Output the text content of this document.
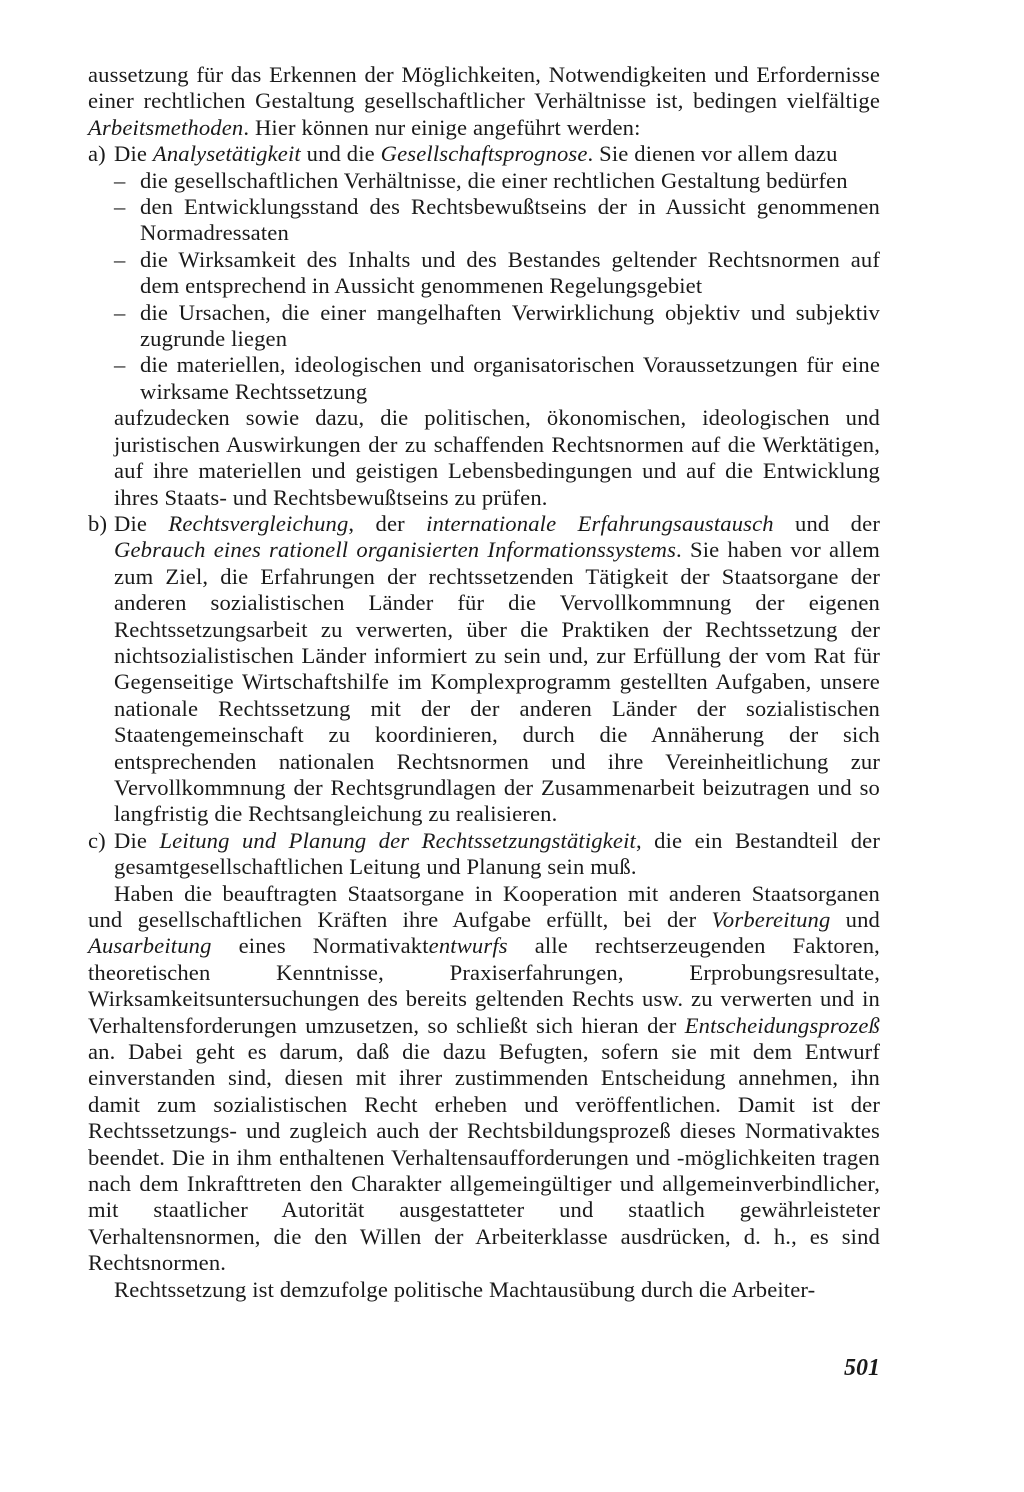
aussetzung für das Erkennen der Möglichkeiten, Notwendigkeiten und Erfordernisse einer rechtlichen Gestaltung gesellschaftlicher Verhältnisse ist, bedingen vielfältige Arbeitsmethoden. Hier können nur einige angeführt werden:

a) Die Analysetätigkeit und die Gesellschaftsprognose. Sie dienen vor allem dazu

– die gesellschaftlichen Verhältnisse, die einer rechtlichen Gestaltung bedürfen
– den Entwicklungsstand des Rechtsbewußtseins der in Aussicht genommenen Normadressaten
– die Wirksamkeit des Inhalts und des Bestandes geltender Rechtsnormen auf dem entsprechend in Aussicht genommenen Regelungsgebiet
– die Ursachen, die einer mangelhaften Verwirklichung objektiv und subjektiv zugrunde liegen
– die materiellen, ideologischen und organisatorischen Voraussetzungen für eine wirksame Rechtssetzung

aufzudecken sowie dazu, die politischen, ökonomischen, ideologischen und juristischen Auswirkungen der zu schaffenden Rechtsnormen auf die Werktätigen, auf ihre materiellen und geistigen Lebensbedingungen und auf die Entwicklung ihres Staats- und Rechtsbewußtseins zu prüfen.

b) Die Rechtsvergleichung, der internationale Erfahrungsaustausch und der Gebrauch eines rationell organisierten Informationssystems. Sie haben vor allem zum Ziel, die Erfahrungen der rechtssetzenden Tätigkeit der Staatsorgane der anderen sozialistischen Länder für die Vervollkommnung der eigenen Rechtssetzungsarbeit zu verwerten, über die Praktiken der Rechtssetzung der nichtsozialistischen Länder informiert zu sein und, zur Erfüllung der vom Rat für Gegenseitige Wirtschaftshilfe im Komplexprogramm gestellten Aufgaben, unsere nationale Rechtssetzung mit der der anderen Länder der sozialistischen Staatengemeinschaft zu koordinieren, durch die Annäherung der sich entsprechenden nationalen Rechtsnormen und ihre Vereinheitlichung zur Vervollkommnung der Rechtsgrundlagen der Zusammenarbeit beizutragen und so langfristig die Rechtsangleichung zu realisieren.

c) Die Leitung und Planung der Rechtssetzungstätigkeit, die ein Bestandteil der gesamtgesellschaftlichen Leitung und Planung sein muß.

Haben die beauftragten Staatsorgane in Kooperation mit anderen Staatsorganen und gesellschaftlichen Kräften ihre Aufgabe erfüllt, bei der Vorbereitung und Ausarbeitung eines Normativaktentwurfs alle rechtserzeugenden Faktoren, theoretischen Kenntnisse, Praxiserfahrungen, Erprobungsresultate, Wirksamkeitsuntersuchungen des bereits geltenden Rechts usw. zu verwerten und in Verhaltensforderungen umzusetzen, so schließt sich hieran der Entscheidungsprozeß an. Dabei geht es darum, daß die dazu Befugten, sofern sie mit dem Entwurf einverstanden sind, diesen mit ihrer zustimmenden Entscheidung annehmen, ihn damit zum sozialistischen Recht erheben und veröffentlichen. Damit ist der Rechtssetzungs- und zugleich auch der Rechtsbildungsprozeß dieses Normativaktes beendet. Die in ihm enthaltenen Verhaltensaufforderungen und -möglichkeiten tragen nach dem Inkrafttreten den Charakter allgemeingültiger und allgemeinverbindlicher, mit staatlicher Autorität ausgestatteter und staatlich gewährleisteter Verhaltensnormen, die den Willen der Arbeiterklasse ausdrücken, d. h., es sind Rechtsnormen.

Rechtssetzung ist demzufolge politische Machtausübung durch die Arbeiter-

501
